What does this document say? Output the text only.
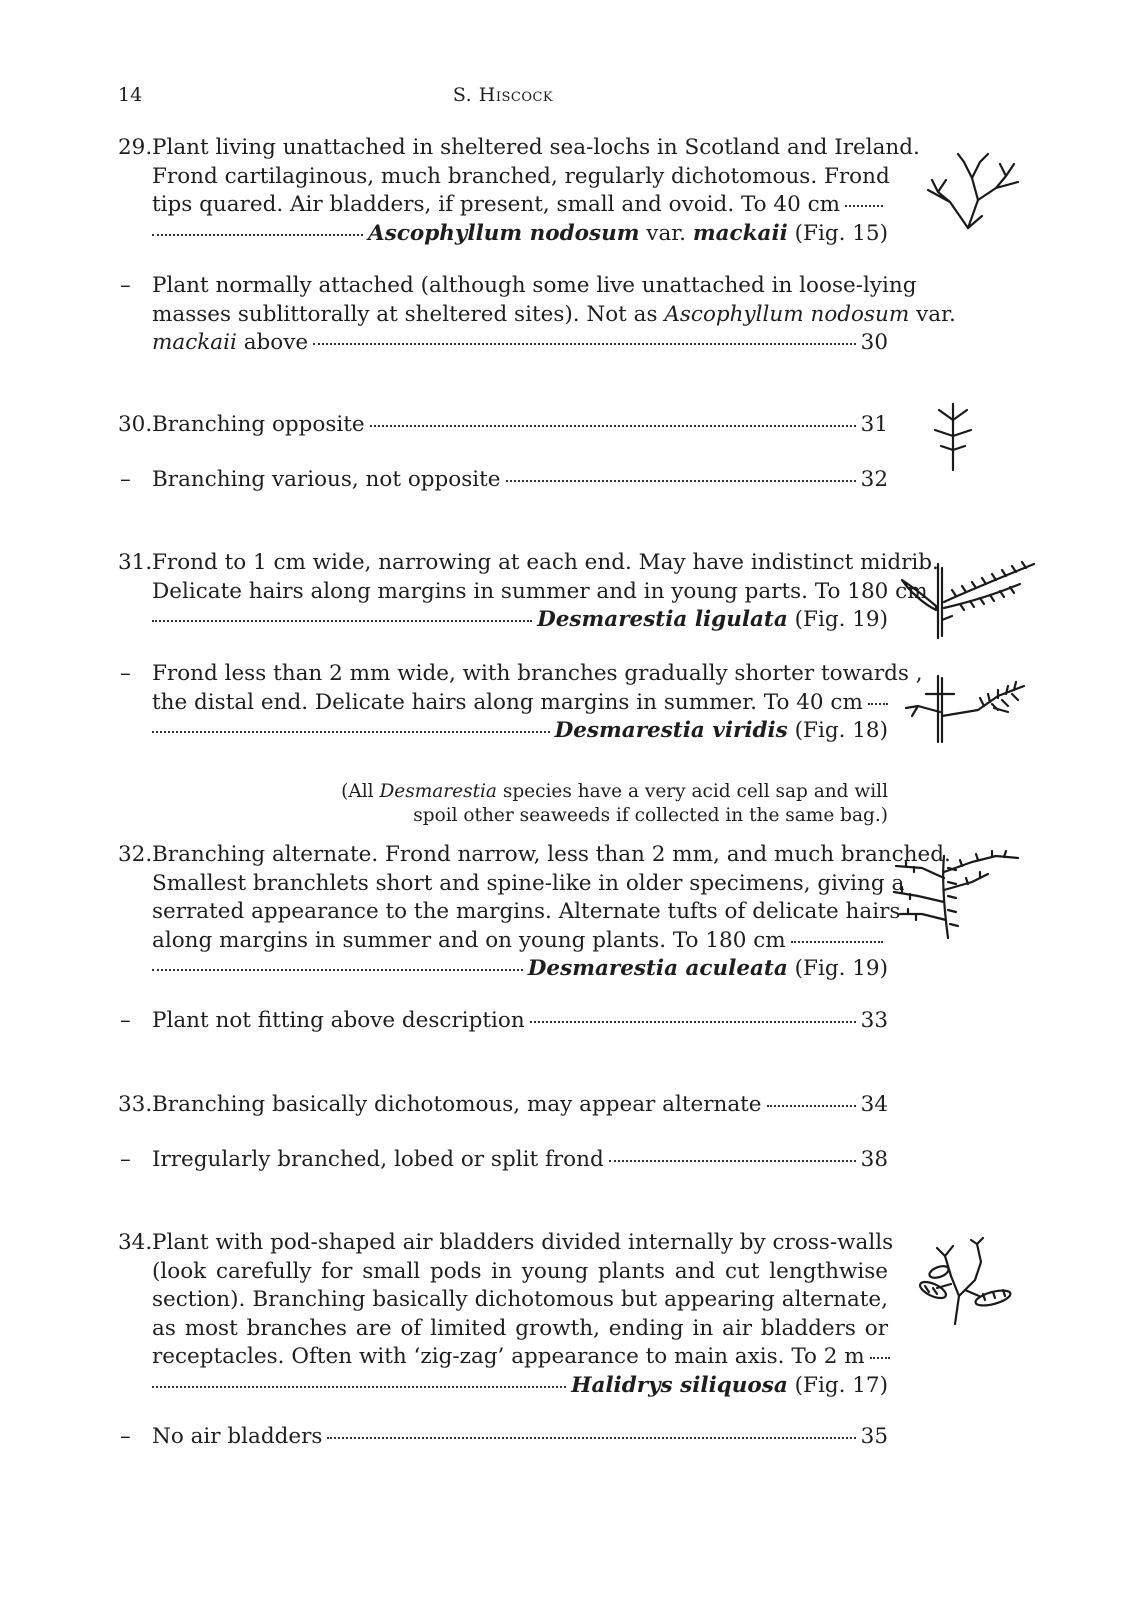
14	S. Hiscock
29. Plant living unattached in sheltered sea-lochs in Scotland and Ireland.
Frond cartilaginous, much branched, regularly dichotomous. Frond
tips quared. Air bladders, if present, small and ovoid. To 40 cm
Ascophyllum nodosum var. mackaii (Fig. 15)
– Plant normally attached (although some live unattached in loose-lying
masses sublittorally at sheltered sites). Not as Ascophyllum nodosum var.
mackaii above	30
30. Branching opposite	31
– Branching various, not opposite	32
31. Frond to 1 cm wide, narrowing at each end. May have indistinct midrib.
Delicate hairs along margins in summer and in young parts. To 180 cm
Desmarestia ligulata (Fig. 19)
– Frond less than 2 mm wide, with branches gradually shorter towards ,
the distal end. Delicate hairs along margins in summer. To 40 cm
Desmarestia viridis (Fig. 18)
(All Desmarestia species have a very acid cell sap and will
spoil other seaweeds if collected in the same bag.)
32. Branching alternate. Frond narrow, less than 2 mm, and much branched.
Smallest branchlets short and spine-like in older specimens, giving a
serrated appearance to the margins. Alternate tufts of delicate hairs
along margins in summer and on young plants. To 180 cm
Desmarestia aculeata (Fig. 19)
– Plant not fitting above description	33
33. Branching basically dichotomous, may appear alternate	34
– Irregularly branched, lobed or split frond	38
34. Plant with pod-shaped air bladders divided internally by cross-walls
(look carefully for small pods in young plants and cut lengthwise
section). Branching basically dichotomous but appearing alternate,
as most branches are of limited growth, ending in air bladders or
receptacles. Often with ‘zig-zag’ appearance to main axis. To 2 m
Halidrys siliquosa (Fig. 17)
– No air bladders	35
